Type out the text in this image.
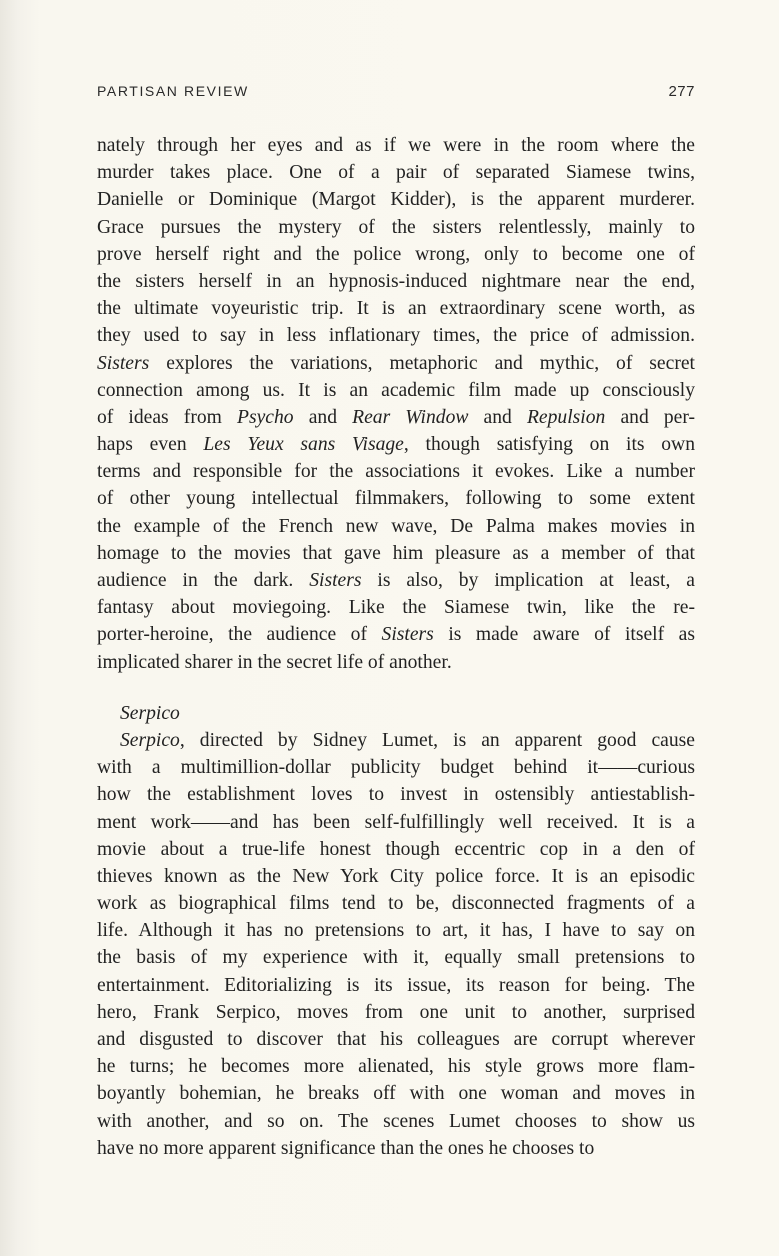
PARTISAN REVIEW	277
nately through her eyes and as if we were in the room where the
murder takes place. One of a pair of separated Siamese twins,
Danielle or Dominique (Margot Kidder), is the apparent murderer.
Grace pursues the mystery of the sisters relentlessly, mainly to
prove herself right and the police wrong, only to become one of
the sisters herself in an hypnosis-induced nightmare near the end,
the ultimate voyeuristic trip. It is an extraordinary scene worth, as
they used to say in less inflationary times, the price of admission.
Sisters explores the variations, metaphoric and mythic, of secret
connection among us. It is an academic film made up consciously
of ideas from Psycho and Rear Window and Repulsion and per-
haps even Les Yeux sans Visage, though satisfying on its own
terms and responsible for the associations it evokes. Like a number
of other young intellectual filmmakers, following to some extent
the example of the French new wave, De Palma makes movies in
homage to the movies that gave him pleasure as a member of that
audience in the dark. Sisters is also, by implication at least, a
fantasy about moviegoing. Like the Siamese twin, like the re-
porter-heroine, the audience of Sisters is made aware of itself as
implicated sharer in the secret life of another.
Serpico
Serpico, directed by Sidney Lumet, is an apparent good cause
with a multimillion-dollar publicity budget behind it——curious
how the establishment loves to invest in ostensibly antiestablish-
ment work——and has been self-fulfillingly well received. It is a
movie about a true-life honest though eccentric cop in a den of
thieves known as the New York City police force. It is an episodic
work as biographical films tend to be, disconnected fragments of a
life. Although it has no pretensions to art, it has, I have to say on
the basis of my experience with it, equally small pretensions to
entertainment. Editorializing is its issue, its reason for being. The
hero, Frank Serpico, moves from one unit to another, surprised
and disgusted to discover that his colleagues are corrupt wherever
he turns; he becomes more alienated, his style grows more flam-
boyantly bohemian, he breaks off with one woman and moves in
with another, and so on. The scenes Lumet chooses to show us
have no more apparent significance than the ones he chooses to
